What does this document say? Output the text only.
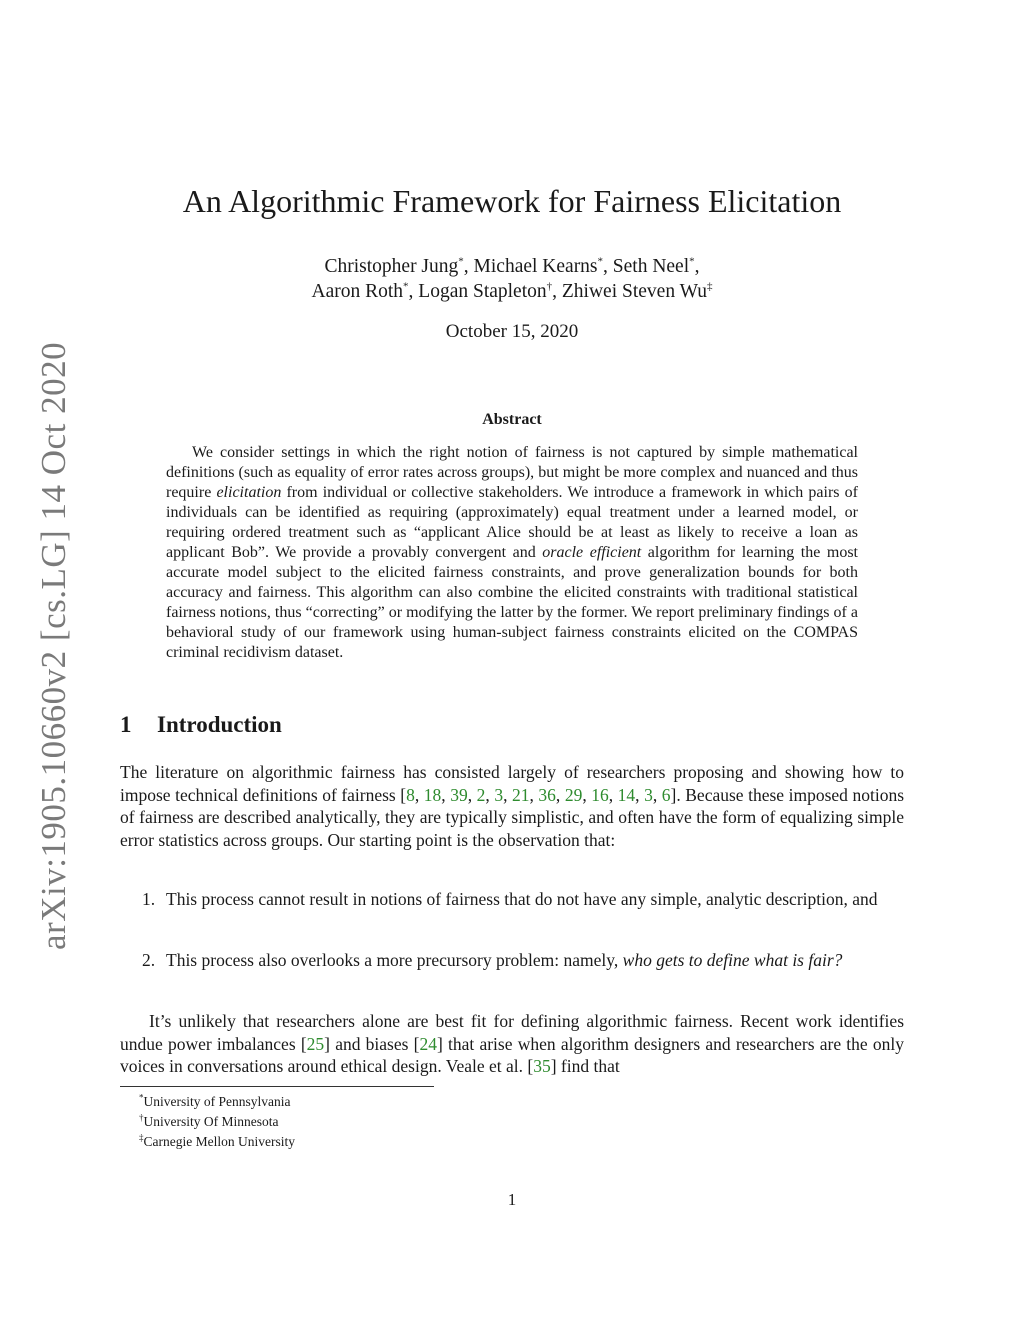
arXiv:1905.10660v2 [cs.LG] 14 Oct 2020
An Algorithmic Framework for Fairness Elicitation
Christopher Jung*, Michael Kearns*, Seth Neel*,
Aaron Roth*, Logan Stapleton†, Zhiwei Steven Wu‡
October 15, 2020
Abstract

We consider settings in which the right notion of fairness is not captured by simple mathematical definitions (such as equality of error rates across groups), but might be more complex and nuanced and thus require elicitation from individual or collective stakeholders. We introduce a framework in which pairs of individuals can be identified as requiring (approximately) equal treatment under a learned model, or requiring ordered treatment such as “applicant Alice should be at least as likely to receive a loan as applicant Bob”. We provide a provably convergent and oracle efficient algorithm for learning the most accurate model subject to the elicited fairness constraints, and prove generalization bounds for both accuracy and fairness. This algorithm can also combine the elicited constraints with traditional statistical fairness notions, thus “correcting” or modifying the latter by the former. We report preliminary findings of a behavioral study of our framework using human-subject fairness constraints elicited on the COMPAS criminal recidivism dataset.

1 Introduction

The literature on algorithmic fairness has consisted largely of researchers proposing and showing how to impose technical definitions of fairness [8, 18, 39, 2, 3, 21, 36, 29, 16, 14, 3, 6]. Because these imposed notions of fairness are described analytically, they are typically simplistic, and often have the form of equalizing simple error statistics across groups. Our starting point is the observation that:

1. This process cannot result in notions of fairness that do not have any simple, analytic description, and
2. This process also overlooks a more precursory problem: namely, who gets to define what is fair?

It’s unlikely that researchers alone are best fit for defining algorithmic fairness. Recent work identifies undue power imbalances [25] and biases [24] that arise when algorithm designers and researchers are the only voices in conversations around ethical design. Veale et al. [35] find that

*University of Pennsylvania
†University Of Minnesota
‡Carnegie Mellon University
1
